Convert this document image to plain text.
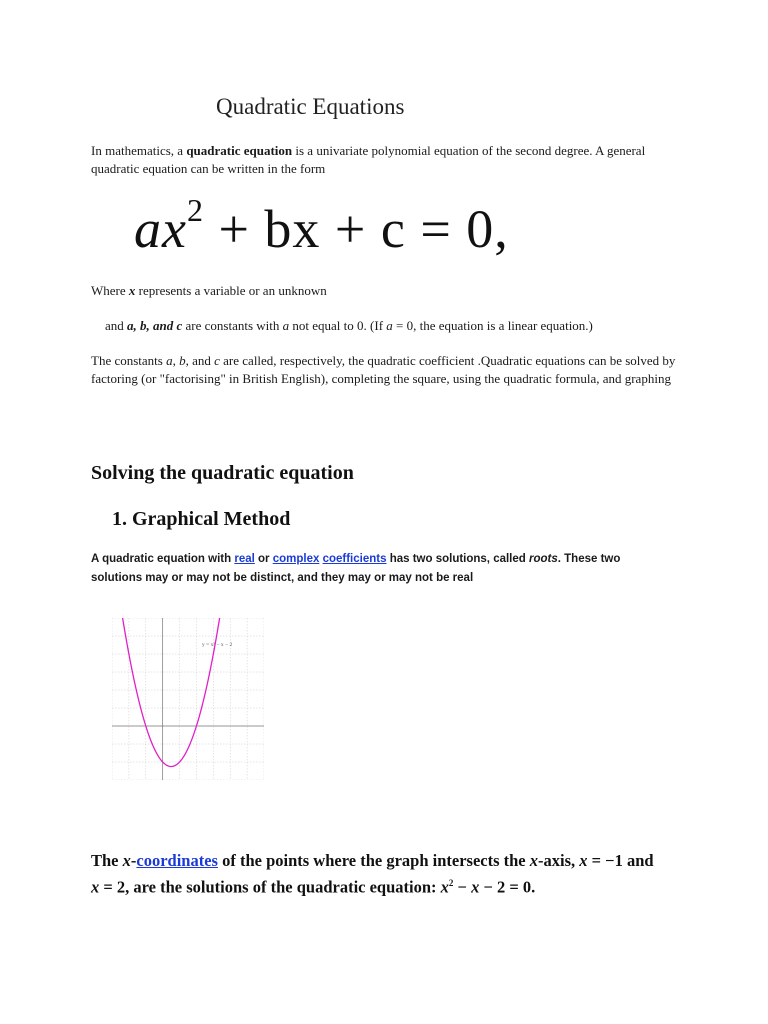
Quadratic Equations
In mathematics, a quadratic equation is a univariate polynomial equation of the second degree. A general quadratic equation can be written in the form
$ax^2$ + bx + c = 0,
Where x represents a variable or an unknown
and a, b, and c are constants with a not equal to 0. (If a = 0, the equation is a linear equation.)
The constants a, b, and c are called, respectively, the quadratic coefficient .Quadratic equations can be solved by factoring (or "factorising" in British English), completing the square, using the quadratic formula, and graphing
Solving the quadratic equation
1. Graphical Method
A quadratic equation with real or complex coefficients has two solutions, called roots. These two solutions may or may not be distinct, and they may or may not be real
y = x² − x − 2
The x-coordinates of the points where the graph intersects the x-axis, x = −1 and
x = 2, are the solutions of the quadratic equation: $x^2 - x - 2 = 0$.
